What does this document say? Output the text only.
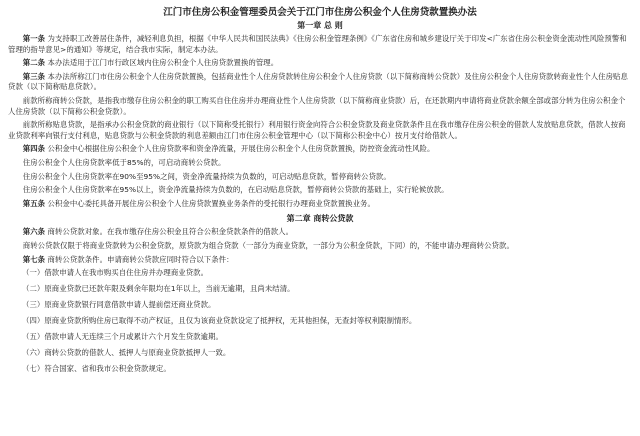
江门市住房公积金管理委员会关于江门市住房公积金个人住房贷款置换办法
第一章 总 则

第一条 为支持职工改善居住条件，减轻利息负担，根据《中华人民共和国民法典》《住房公积金管理条例》《广东省住房和城乡建设厅关于印发<广东省住房公积金资金流动性风险预警和管理的指导意见>的通知》等规定，结合我市实际，制定本办法。

第二条 本办法适用于江门市行政区域内住房公积金个人住房贷款置换的管理。

第三条 本办法所称江门市住房公积金个人住房贷款置换，包括商业性个人住房贷款转住房公积金个人住房贷款（以下简称商转公贷款）及住房公积金个人住房贷款转商业性个人住房贴息贷款（以下简称贴息贷款）。

前款所称商转公贷款，是指我市缴存住房公积金的职工购买自住住房并办理商业性个人住房贷款（以下简称商业贷款）后，在还款期内申请将商业贷款余额全部或部分转为住房公积金个人住房贷款（以下简称公积金贷款）。

前款所称贴息贷款，是指承办公积金贷款的商业银行（以下简称受托银行）利用银行资金向符合公积金贷款及商业贷款条件且在我市缴存住房公积金的借款人发放贴息贷款，借款人按商业贷款利率向银行支付利息，贴息贷款与公积金贷款的利息差额由江门市住房公积金管理中心（以下简称公积金中心）按月支付给借款人。

第四条 公积金中心根据住房公积金个人住房贷款率和资金净流量，开展住房公积金个人住房贷款置换，防控资金流动性风险。

住房公积金个人住房贷款率低于85%的，可启动商转公贷款。

住房公积金个人住房贷款率在90%至95%之间，资金净流量持续为负数的，可启动贴息贷款，暂停商转公贷款。

住房公积金个人住房贷款率在95%以上，资金净流量持续为负数的，在启动贴息贷款，暂停商转公贷款的基础上，实行轮候放款。

第五条 公积金中心委托具备开展住房公积金个人住房贷款置换业务条件的受托银行办理商业贷款置换业务。

第二章 商转公贷款

第六条 商转公贷款对象。在我市缴存住房公积金且符合公积金贷款条件的借款人。

商转公贷款仅限于将商业贷款转为公积金贷款，原贷款为组合贷款（一部分为商业贷款，一部分为公积金贷款，下同）的，不能申请办理商转公贷款。

第七条 商转公贷款条件。申请商转公贷款应同时符合以下条件：

（一）借款申请人在我市购买自住住房并办理商业贷款。

（二）原商业贷款已还款年限及剩余年限均在1年以上，当前无逾期，且尚未结清。

（三）原商业贷款银行同意借款申请人提前偿还商业贷款。

（四）原商业贷款所购住房已取得不动产权证，且仅为该商业贷款设定了抵押权，无其他担保，无查封等权利限制情形。

（五）借款申请人无连续三个月或累计六个月发生贷款逾期。

（六）商转公贷款的借款人、抵押人与原商业贷款抵押人一致。

（七）符合国家、省和我市公积金贷款规定。
